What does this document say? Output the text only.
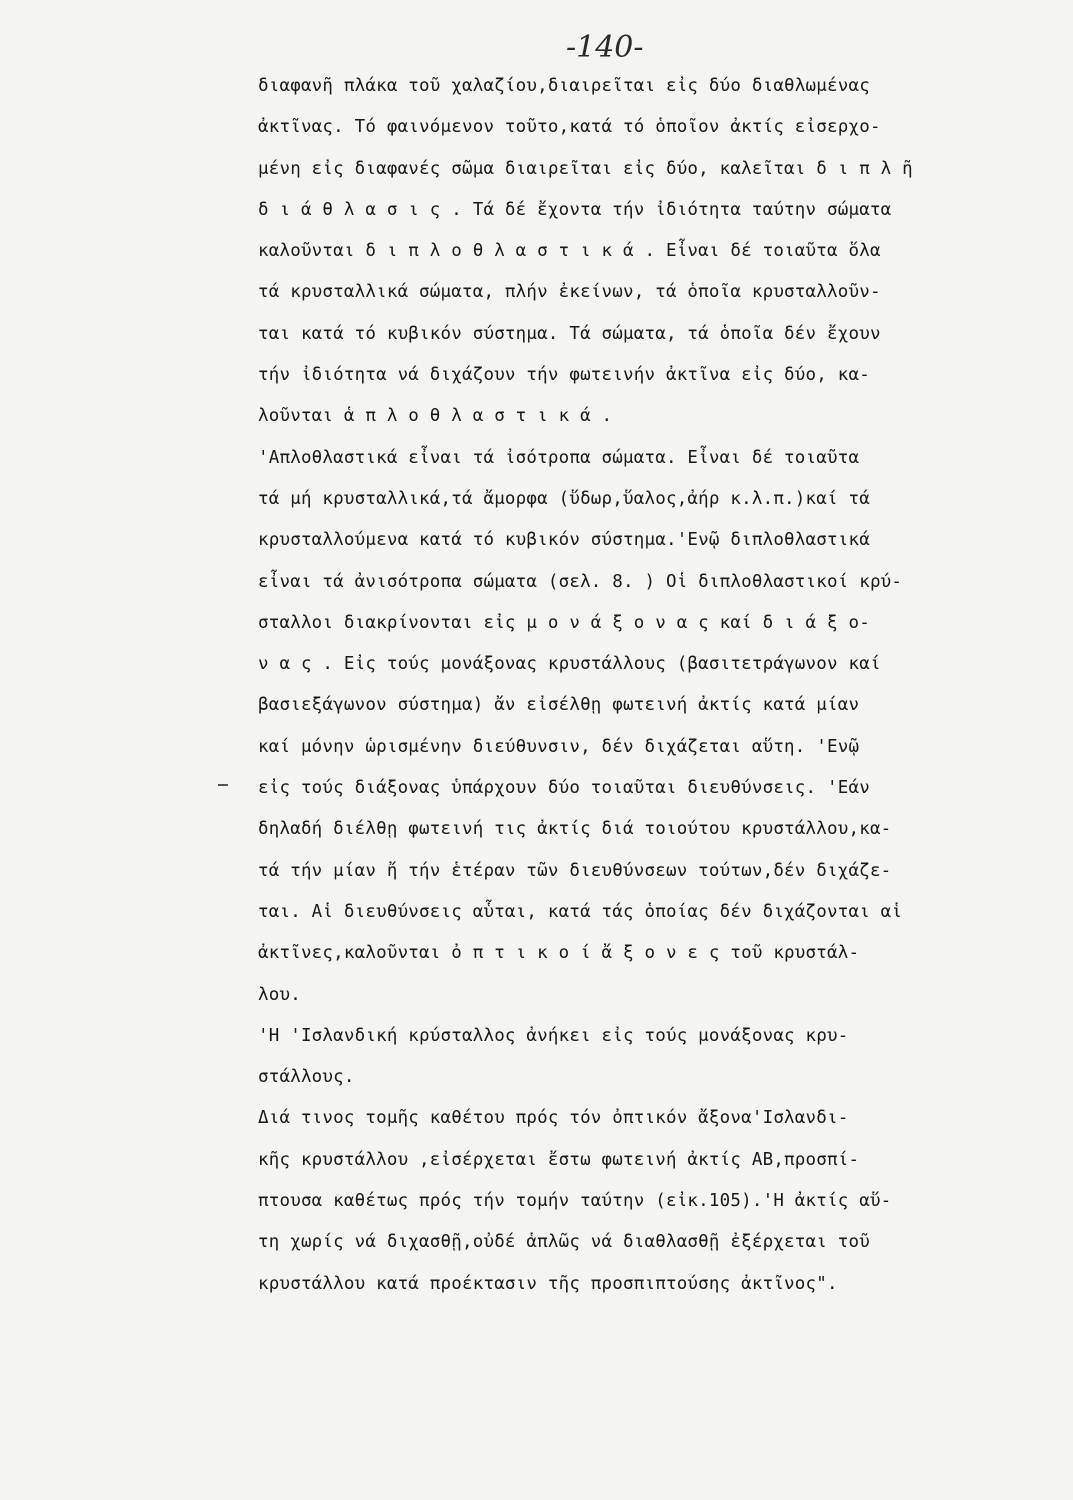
-140-
διαφανῆ πλάκα τοῦ χαλαζίου,διαιρεῖται εἰς δύο διαθλωμένας
ἀκτῖνας. Τό φαινόμενον τοῦτο,κατά τό ὁποῖον ἀκτίς εἰσερχο-
μένη εἰς διαφανές σῶμα διαιρεῖται εἰς δύο, καλεῖται δ ι π λ ῆ
δ ι ά θ λ α σ ι ς . Τά δέ ἔχοντα τήν ἰδιότητα ταύτην σώματα
καλοῦνται δ ι π λ ο θ λ α σ τ ι κ ά . Εἶναι δέ τοιαῦτα ὅλα
τά κρυσταλλικά σώματα, πλήν ἐκείνων, τά ὁποῖα κρυσταλλοῦν-
ται κατά τό κυβικόν σύστημα. Τά σώματα, τά ὁποῖα δέν ἔχουν
τήν ἰδιότητα νά διχάζουν τήν φωτεινήν ἀκτῖνα εἰς δύο, κα-
λοῦνται ἁ π λ ο θ λ α σ τ ι κ ά .
'Απλοθλαστικά εἶναι τά ἰσότροπα σώματα. Εἶναι δέ τοιαῦτα
τά μή κρυσταλλικά,τά ἄμορφα (ὕδωρ,ὕαλος,ἀήρ κ.λ.π.)καί τά
κρυσταλλούμενα κατά τό κυβικόν σύστημα.'Ενῷ διπλοθλαστικά
εἶναι τά ἀνισότροπα σώματα (σελ. 8. ) Οἱ διπλοθλαστικοί κρύ-
σταλλοι διακρίνονται εἰς μ ο ν ά ξ ο ν α ς καί δ ι ά ξ ο-
ν α ς . Εἰς τούς μονάξονας κρυστάλλους (βασιτετράγωνον καί
βασιεξάγωνον σύστημα) ἄν εἰσέλθῃ φωτεινή ἀκτίς κατά μίαν
καί μόνην ὡρισμένην διεύθυνσιν, δέν διχάζεται αὕτη. 'Ενῷ
εἰς τούς διάξονας ὑπάρχουν δύο τοιαῦται διευθύνσεις. 'Εάν
δηλαδή διέλθῃ φωτεινή τις ἀκτίς διά τοιούτου κρυστάλλου,κα-
τά τήν μίαν ἤ τήν ἑτέραν τῶν διευθύνσεων τούτων,δέν διχάζε-
ται. Αἱ διευθύνσεις αὗται, κατά τάς ὁποίας δέν διχάζονται αἱ
ἀκτῖνες,καλοῦνται ὀ π τ ι κ ο ί ἄ ξ ο ν ε ς τοῦ κρυστάλ-
λου.
'Η 'Ισλανδική κρύσταλλος ἀνήκει εἰς τούς μονάξονας κρυ-
στάλλους.
Διά τινος τομῆς καθέτου πρός τόν ὀπτικόν ἄξονα'Ισλανδι-
κῆς κρυστάλλου ,εἰσέρχεται ἔστω φωτεινή ἀκτίς ΑΒ,προσπί-
πτουσα καθέτως πρός τήν τομήν ταύτην (εἰκ.105).'Η ἀκτίς αὕ-
τη χωρίς νά διχασθῇ,οὐδέ ἁπλῶς νά διαθλασθῇ ἐξέρχεται τοῦ
κρυστάλλου κατά προέκτασιν τῆς προσπιπτούσης ἀκτῖνος".
